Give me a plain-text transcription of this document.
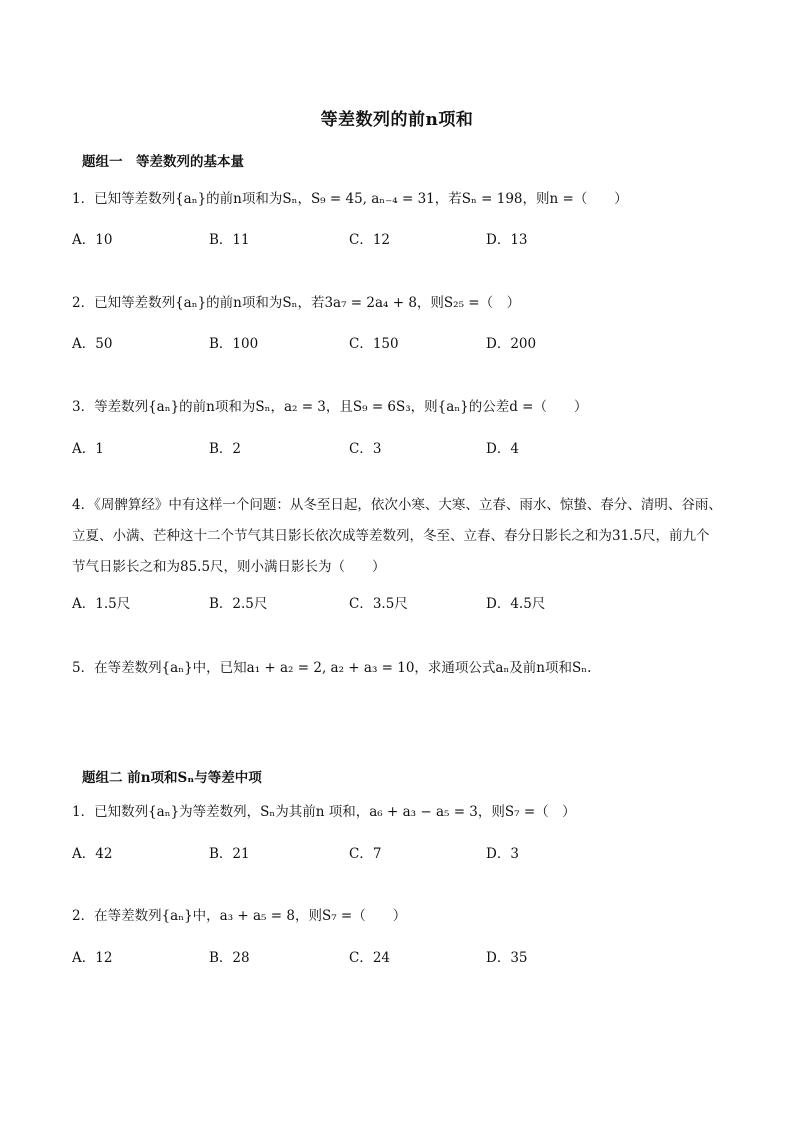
等差数列的前n项和
题组一　等差数列的基本量
1．已知等差数列{aₙ}的前n项和为Sₙ，S₉ = 45, aₙ₋₄ = 31，若Sₙ = 198，则n =（　　）
A．10	B．11	C．12	D．13
2．已知等差数列{aₙ}的前n项和为Sₙ，若3a₇ = 2a₄ + 8，则S₂₅ =（　）
A．50	B．100	C．150	D．200
3．等差数列{aₙ}的前n项和为Sₙ，a₂ = 3，且S₉ = 6S₃，则{aₙ}的公差d =（　　）
A．1	B．2	C．3	D．4
4．《周髀算经》中有这样一个问题：从冬至日起，依次小寒、大寒、立春、雨水、惊蛰、春分、清明、谷雨、立夏、小满、芒种这十二个节气其日影长依次成等差数列，冬至、立春、春分日影长之和为31.5尺，前九个节气日影长之和为85.5尺，则小满日影长为（　　）
A．1.5尺	B．2.5尺	C．3.5尺	D．4.5尺
5．在等差数列{aₙ}中，已知a₁ + a₂ = 2, a₂ + a₃ = 10，求通项公式aₙ及前n项和Sₙ.
题组二 前n项和Sₙ与等差中项
1．已知数列{aₙ}为等差数列，Sₙ为其前n 项和，a₆ + a₃ − a₅ = 3，则S₇ =（　）
A．42	B．21	C．7	D．3
2．在等差数列{aₙ}中，a₃ + a₅ = 8，则S₇ =（　　）
A．12	B．28	C．24	D．35
